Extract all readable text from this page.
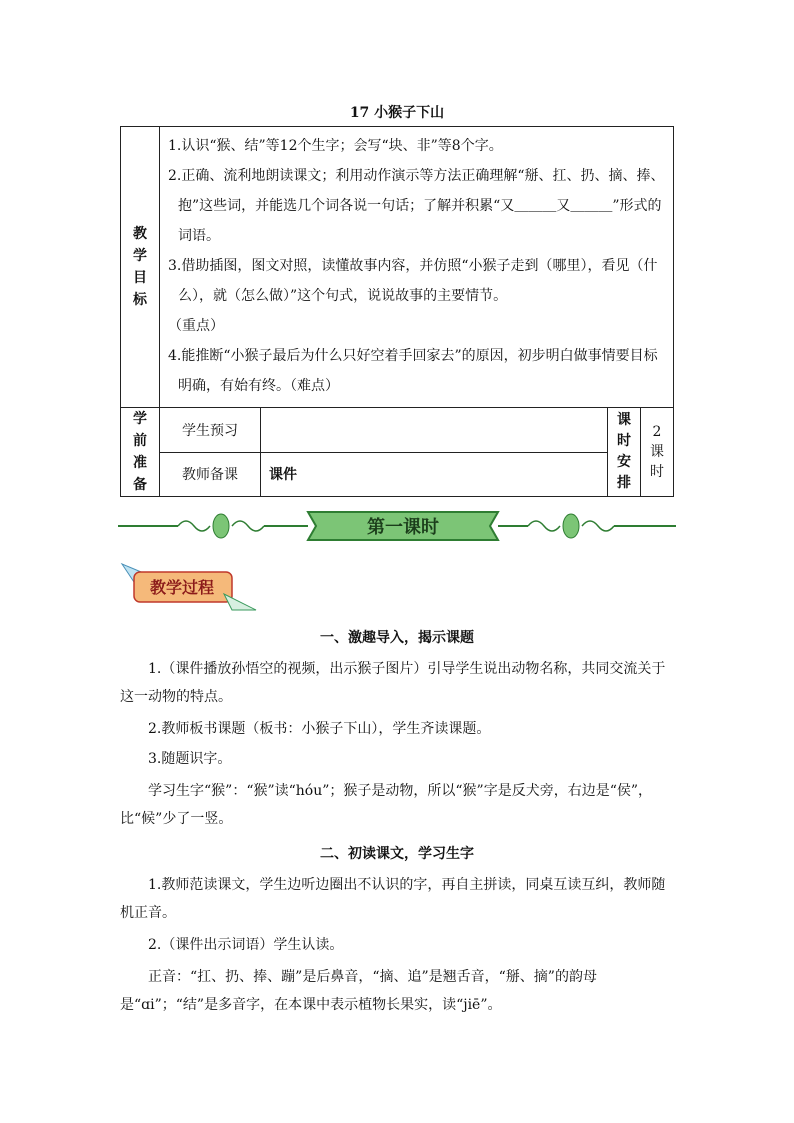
17 小猴子下山
教学目标	1.认识“猴、结”等12个生字；会写“块、非”等8个字。

2.正确、流利地朗读课文；利用动作演示等方法正确理解“掰、扛、扔、摘、捧、抱”这些词，并能选几个词各说一句话；了解并积累“又＿＿＿又＿＿＿”形式的词语。

3.借助插图，图文对照，读懂故事内容，并仿照“小猴子走到（哪里），看见（什么），就（怎么做）”这个句式，说说故事的主要情节。

（重点）

4.能推断“小猴子最后为什么只好空着手回家去”的原因，初步明白做事情要目标明确，有始有终。（难点）			

学前准备	学生预习		课时安排	2课时
	教师备课	课件		
第一课时
教学过程
一、激趣导入，揭示课题

1.（课件播放孙悟空的视频，出示猴子图片）引导学生说出动物名称，共同交流关于这一动物的特点。

2.教师板书课题（板书：小猴子下山），学生齐读课题。

3.随题识字。

学习生字“猴”：“猴”读“hóu”；猴子是动物，所以“猴”字是反犬旁，右边是“侯”，比“候”少了一竖。

二、初读课文，学习生字

1.教师范读课文，学生边听边圈出不认识的字，再自主拼读，同桌互读互纠，教师随机正音。

2.（课件出示词语）学生认读。

正音：“扛、扔、捧、蹦”是后鼻音，“摘、追”是翘舌音，“掰、摘”的韵母是“ɑi”；“结”是多音字，在本课中表示植物长果实，读“jiē”。
